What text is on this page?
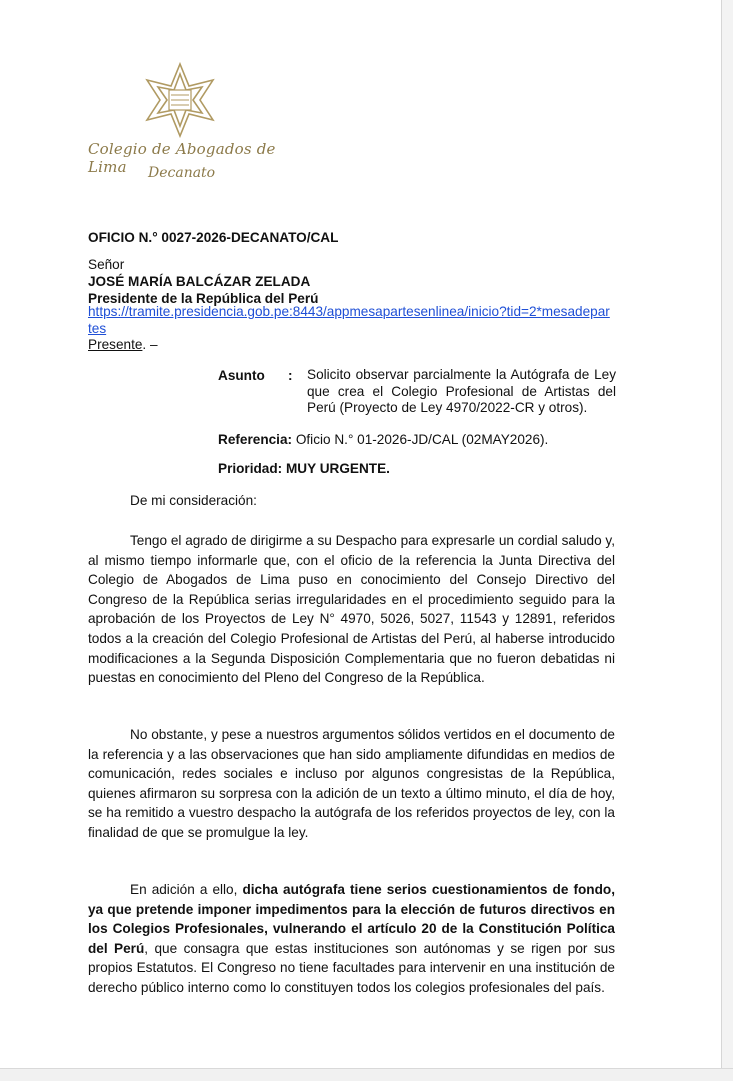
Colegio de Abogados de Lima	Decanato
OFICIO N.° 0027-2026-DECANATO/CAL
Señor
JOSÉ MARÍA BALCÁZAR ZELADA
Presidente de la República del Perú
https://tramite.presidencia.gob.pe:8443/appmesapartesenlinea/inicio?tid=2*mesadepar
tes
Presente. –
Asunto : Solicito observar parcialmente la Autógrafa de Ley que crea el Colegio Profesional de Artistas del Perú (Proyecto de Ley 4970/2022-CR y otros).
Referencia: Oficio N.° 01-2026-JD/CAL (02MAY2026).
Prioridad: MUY URGENTE.
De mi consideración:
Tengo el agrado de dirigirme a su Despacho para expresarle un cordial saludo y, al mismo tiempo informarle que, con el oficio de la referencia la Junta Directiva del Colegio de Abogados de Lima puso en conocimiento del Consejo Directivo del Congreso de la República serias irregularidades en el procedimiento seguido para la aprobación de los Proyectos de Ley N° 4970, 5026, 5027, 11543 y 12891, referidos todos a la creación del Colegio Profesional de Artistas del Perú, al haberse introducido modificaciones a la Segunda Disposición Complementaria que no fueron debatidas ni puestas en conocimiento del Pleno del Congreso de la República.
No obstante, y pese a nuestros argumentos sólidos vertidos en el documento de la referencia y a las observaciones que han sido ampliamente difundidas en medios de comunicación, redes sociales e incluso por algunos congresistas de la República, quienes afirmaron su sorpresa con la adición de un texto a último minuto, el día de hoy, se ha remitido a vuestro despacho la autógrafa de los referidos proyectos de ley, con la finalidad de que se promulgue la ley.
En adición a ello, dicha autógrafa tiene serios cuestionamientos de fondo, ya que pretende imponer impedimentos para la elección de futuros directivos en los Colegios Profesionales, vulnerando el artículo 20 de la Constitución Política del Perú, que consagra que estas instituciones son autónomas y se rigen por sus propios Estatutos. El Congreso no tiene facultades para intervenir en una institución de derecho público interno como lo constituyen todos los colegios profesionales del país.
